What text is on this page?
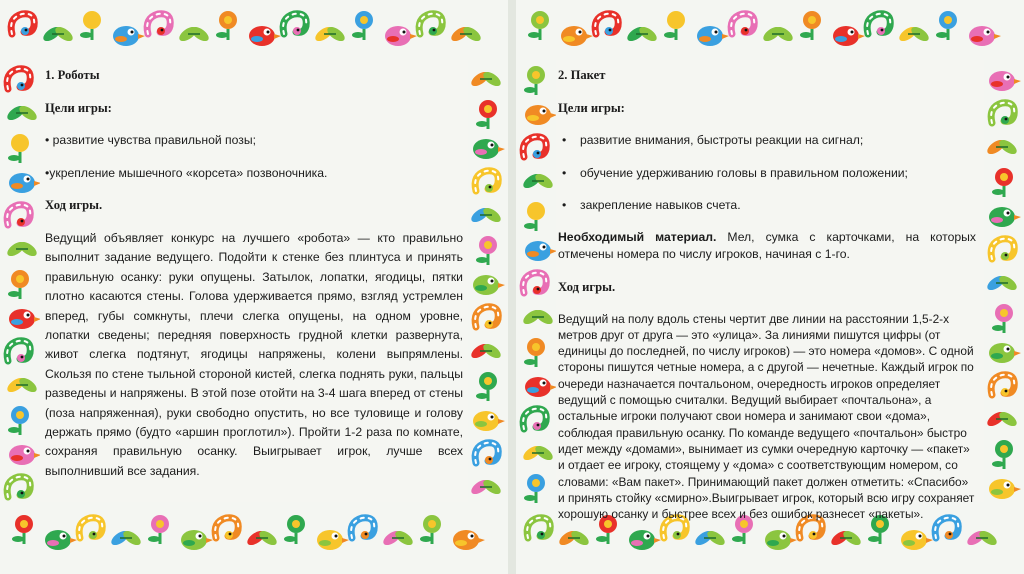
1. Роботы

Цели игры:

• развитие чувства правильной позы;

•укрепление мышечного «корсета» позвоночника.

Ход игры.

Ведущий объявляет конкурс на лучшего «робота» — кто правильно выполнит задание ведущего. Подойти к стенке без плинтуса и принять правильную осанку: руки опущены. Затылок, лопатки, ягодицы, пятки плотно касаются стены. Голова удерживается прямо, взгляд устремлен вперед, губы сомкнуты, плечи слегка опущены, на одном уровне, лопатки сведены; передняя поверхность грудной клетки развернута, живот слегка подтянут, ягодицы напряжены, колени выпрямлены. Скользя по стене тыльной стороной кистей, слегка поднять руки, пальцы разведены и напряжены. В этой позе отойти на 3-4 шага вперед от стены (поза напряженная), руки свободно опустить, но все туловище и голову держать прямо (будто «аршин проглотил»). Пройти 1-2 раза по комнате, сохраняя правильную осанку. Выигрывает игрок, лучше всех выполнивший все задания.

2. Пакет

Цели игры:

• развитие внимания, быстроты реакции на сигнал;

• обучение удерживанию головы в правильном положении;

• закрепление навыков счета.

Необходимый материал. Мел, сумка с карточками, на которых отмечены номера по числу игроков, начиная с 1-го.

Ход игры.

Ведущий на полу вдоль стены чертит две линии на расстоянии 1,5-2-х метров друг от друга — это «улица». За линиями пишутся цифры (от единицы до последней, по числу игроков) — это номера «домов». С одной стороны пишутся четные номера, а с другой — нечетные. Каждый игрок по очереди назначается почтальоном, очередность игроков определяет ведущий с помощью считалки. Ведущий выбирает «почтальона», а остальные игроки получают свои номера и занимают свои «дома», соблюдая правильную осанку. По команде ведущего «почтальон» быстро идет между «домами», вынимает из сумки очередную карточку — «пакет» и отдает ее игроку, стоящему у «дома» с соответствующим номером, со словами: «Вам пакет». Принимающий пакет должен отметить: «Спасибо» и принять стойку «смирно».Выигрывает игрок, который всю игру сохраняет хорошую осанку и быстрее всех и без ошибок разнесет «пакеты».
